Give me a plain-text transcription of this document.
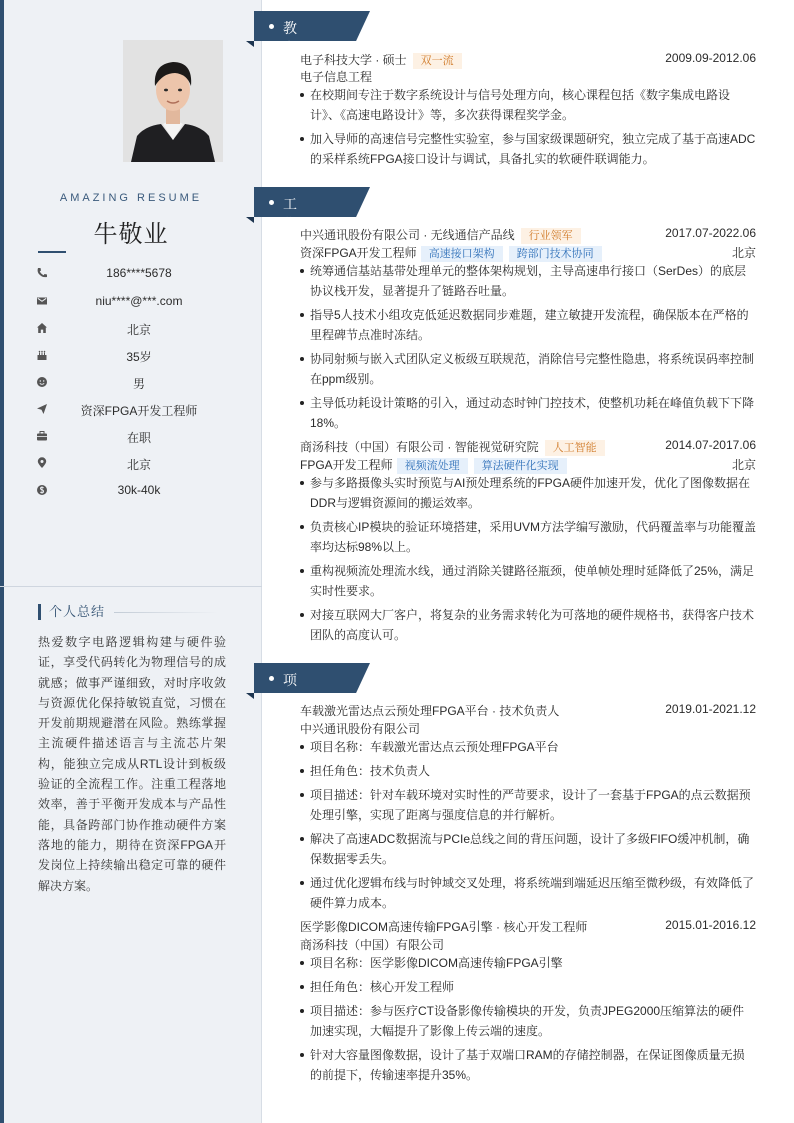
AMAZING RESUME
牛敬业
186****5678
niu****@***.com
北京
35岁
男
资深FPGA开发工程师
在职
北京
30k-40k
个人总结
热爱数字电路逻辑构建与硬件验证，享受代码转化为物理信号的成就感；做事严谨细致，对时序收敛与资源优化保持敏锐直觉，习惯在开发前期规避潜在风险。熟练掌握主流硬件描述语言与主流芯片架构，能独立完成从RTL设计到板级验证的全流程工作。注重工程落地效率，善于平衡开发成本与产品性能，具备跨部门协作推动硬件方案落地的能力，期待在资深FPGA开发岗位上持续输出稳定可靠的硬件解决方案。
教育经历
电子科技大学 · 硕士 双一流	2009.09-2012.06
电子信息工程
在校期间专注于数字系统设计与信号处理方向，核心课程包括《数字集成电路设计》、《高速电路设计》等，多次获得课程奖学金。
加入导师的高速信号完整性实验室，参与国家级课题研究，独立完成了基于高速ADC的采样系统FPGA接口设计与调试，具备扎实的软硬件联调能力。
工作经历
中兴通讯股份有限公司 · 无线通信产品线 行业领军	2017.07-2022.06
资深FPGA开发工程师 高速接口架构 跨部门技术协同	北京
统筹通信基站基带处理单元的整体架构规划，主导高速串行接口（SerDes）的底层协议栈开发，显著提升了链路吞吐量。
指导5人技术小组攻克低延迟数据同步难题，建立敏捷开发流程，确保版本在严格的里程碑节点准时冻结。
协同射频与嵌入式团队定义板级互联规范，消除信号完整性隐患，将系统误码率控制在ppm级别。
主导低功耗设计策略的引入，通过动态时钟门控技术，使整机功耗在峰值负载下下降18%。
商汤科技（中国）有限公司 · 智能视觉研究院 人工智能	2014.07-2017.06
FPGA开发工程师 视频流处理 算法硬件化实现	北京
参与多路摄像头实时预览与AI预处理系统的FPGA硬件加速开发，优化了图像数据在DDR与逻辑资源间的搬运效率。
负责核心IP模块的验证环境搭建，采用UVM方法学编写激励，代码覆盖率与功能覆盖率均达标98%以上。
重构视频流处理流水线，通过消除关键路径瓶颈，使单帧处理时延降低了25%，满足实时性要求。
对接互联网大厂客户，将复杂的业务需求转化为可落地的硬件规格书，获得客户技术团队的高度认可。
项目经历
车载激光雷达点云预处理FPGA平台 · 技术负责人	2019.01-2021.12
中兴通讯股份有限公司
项目名称：车载激光雷达点云预处理FPGA平台
担任角色：技术负责人
项目描述：针对车载环境对实时性的严苛要求，设计了一套基于FPGA的点云数据预处理引擎，实现了距离与强度信息的并行解析。
解决了高速ADC数据流与PCIe总线之间的背压问题，设计了多级FIFO缓冲机制，确保数据零丢失。
通过优化逻辑布线与时钟域交叉处理，将系统端到端延迟压缩至微秒级，有效降低了硬件算力成本。
医学影像DICOM高速传输FPGA引擎 · 核心开发工程师	2015.01-2016.12
商汤科技（中国）有限公司
项目名称：医学影像DICOM高速传输FPGA引擎
担任角色：核心开发工程师
项目描述：参与医疗CT设备影像传输模块的开发，负责JPEG2000压缩算法的硬件加速实现，大幅提升了影像上传云端的速度。
针对大容量图像数据，设计了基于双端口RAM的存储控制器，在保证图像质量无损的前提下，传输速率提升35%。
